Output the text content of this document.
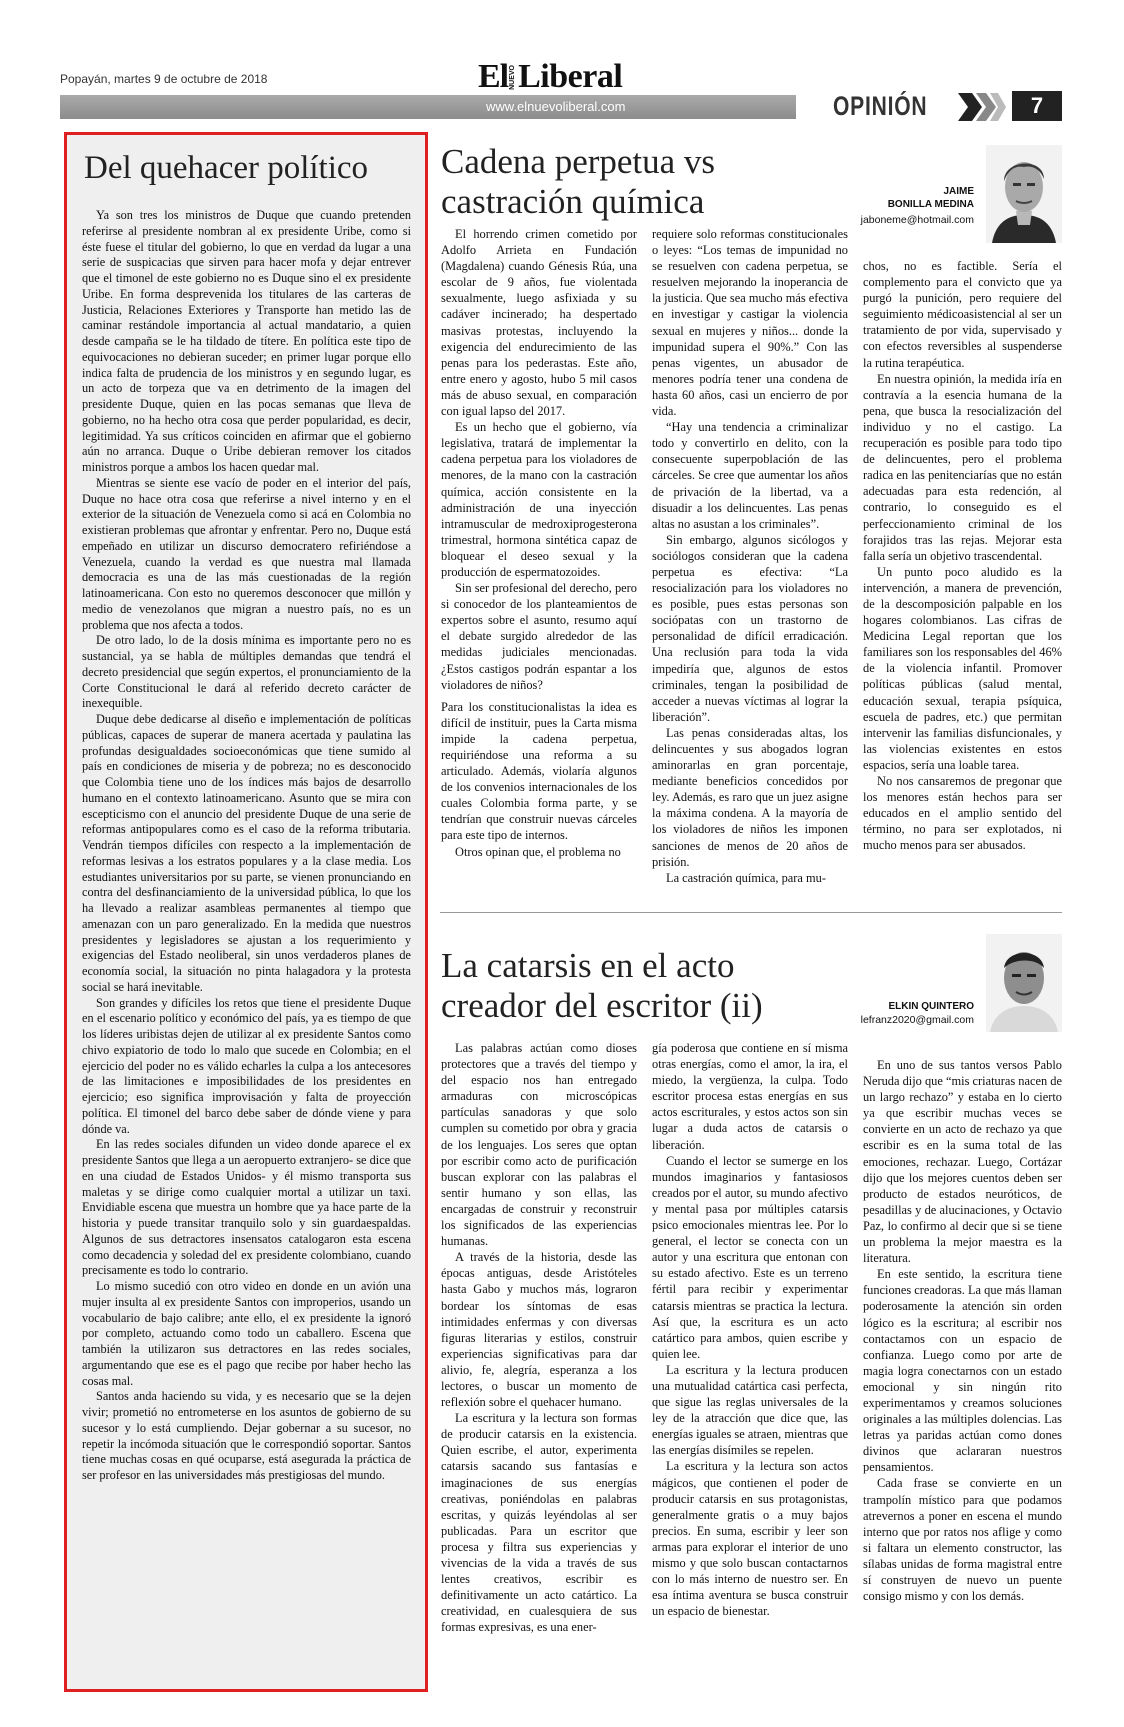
Popayán, martes 9 de octubre de 2018	El NUEVO Liberal
www.elnuevoliberal.com	OPINIÓN	7
Del quehacer político

Ya son tres los ministros de Duque que cuando pretenden referirse al presidente nombran al ex presidente Uribe, como si éste fuese el titular del gobierno, lo que en verdad da lugar a una serie de suspicacias que sirven para hacer mofa y dejar entrever que el timonel de este gobierno no es Duque sino el ex presidente Uribe. En forma desprevenida los titulares de las carteras de Justicia, Relaciones Exteriores y Transporte han metido las de caminar restándole importancia al actual mandatario, a quien desde campaña se le ha tildado de títere. En política este tipo de equivocaciones no debieran suceder; en primer lugar porque ello indica falta de prudencia de los ministros y en segundo lugar, es un acto de torpeza que va en detrimento de la imagen del presidente Duque, quien en las pocas semanas que lleva de gobierno, no ha hecho otra cosa que perder popularidad, es decir, legitimidad. Ya sus críticos coinciden en afirmar que el gobierno aún no arranca. Duque o Uribe debieran remover los citados ministros porque a ambos los hacen quedar mal.

Mientras se siente ese vacío de poder en el interior del país, Duque no hace otra cosa que referirse a nivel interno y en el exterior de la situación de Venezuela como si acá en Colombia no existieran problemas que afrontar y enfrentar. Pero no, Duque está empeñado en utilizar un discurso democratero refiriéndose a Venezuela, cuando la verdad es que nuestra mal llamada democracia es una de las más cuestionadas de la región latinoamericana. Con esto no queremos desconocer que millón y medio de venezolanos que migran a nuestro país, no es un problema que nos afecta a todos.

De otro lado, lo de la dosis mínima es importante pero no es sustancial, ya se habla de múltiples demandas que tendrá el decreto presidencial que según expertos, el pronunciamiento de la Corte Constitucional le dará al referido decreto carácter de inexequible.

Duque debe dedicarse al diseño e implementación de políticas públicas, capaces de superar de manera acertada y paulatina las profundas desigualdades socioeconómicas que tiene sumido al país en condiciones de miseria y de pobreza; no es desconocido que Colombia tiene uno de los índices más bajos de desarrollo humano en el contexto latinoamericano. Asunto que se mira con escepticismo con el anuncio del presidente Duque de una serie de reformas antipopulares como es el caso de la reforma tributaria. Vendrán tiempos difíciles con respecto a la implementación de reformas lesivas a los estratos populares y a la clase media. Los estudiantes universitarios por su parte, se vienen pronunciando en contra del desfinanciamiento de la universidad pública, lo que los ha llevado a realizar asambleas permanentes al tiempo que amenazan con un paro generalizado. En la medida que nuestros presidentes y legisladores se ajustan a los requerimiento y exigencias del Estado neoliberal, sin unos verdaderos planes de economía social, la situación no pinta halagadora y la protesta social se hará inevitable.

Son grandes y difíciles los retos que tiene el presidente Duque en el escenario político y económico del país, ya es tiempo de que los líderes uribistas dejen de utilizar al ex presidente Santos como chivo expiatorio de todo lo malo que sucede en Colombia; en el ejercicio del poder no es válido echarles la culpa a los antecesores de las limitaciones e imposibilidades de los presidentes en ejercicio; eso significa improvisación y falta de proyección política. El timonel del barco debe saber de dónde viene y para dónde va.

En las redes sociales difunden un video donde aparece el ex presidente Santos que llega a un aeropuerto extranjero- se dice que en una ciudad de Estados Unidos- y él mismo transporta sus maletas y se dirige como cualquier mortal a utilizar un taxi. Envidiable escena que muestra un hombre que ya hace parte de la historia y puede transitar tranquilo solo y sin guardaespaldas. Algunos de sus detractores insensatos catalogaron esta escena como decadencia y soledad del ex presidente colombiano, cuando precisamente es todo lo contrario.

Lo mismo sucedió con otro video en donde en un avión una mujer insulta al ex presidente Santos con improperios, usando un vocabulario de bajo calibre; ante ello, el ex presidente la ignoró por completo, actuando como todo un caballero. Escena que también la utilizaron sus detractores en las redes sociales, argumentando que ese es el pago que recibe por haber hecho las cosas mal.

Santos anda haciendo su vida, y es necesario que se la dejen vivir; prometió no entrometerse en los asuntos de gobierno de su sucesor y lo está cumpliendo. Dejar gobernar a su sucesor, no repetir la incómoda situación que le correspondió soportar. Santos tiene muchas cosas en qué ocuparse, está asegurada la práctica de ser profesor en las universidades más prestigiosas del mundo.

Cadena perpetua vs
castración química	JAIME
BONILLA MEDINA
jaboneme@hotmail.com

El horrendo crimen cometido por Adolfo Arrieta en Fundación (Magdalena) cuando Génesis Rúa, una escolar de 9 años, fue violentada sexualmente, luego asfixiada y su cadáver incinerado; ha despertado masivas protestas, incluyendo la exigencia del endurecimiento de las penas para los pederastas. Este año, entre enero y agosto, hubo 5 mil casos más de abuso sexual, en comparación con igual lapso del 2017.

Es un hecho que el gobierno, vía legislativa, tratará de implementar la cadena perpetua para los violadores de menores, de la mano con la castración química, acción consistente en la administración de una inyección intramuscular de medroxiprogesterona trimestral, hormona sintética capaz de bloquear el deseo sexual y la producción de espermatozoides.

Sin ser profesional del derecho, pero si conocedor de los planteamientos de expertos sobre el asunto, resumo aquí el debate surgido alrededor de las medidas judiciales mencionadas. ¿Estos castigos podrán espantar a los violadores de niños?

Para los constitucionalistas la idea es difícil de instituir, pues la Carta misma impide la cadena perpetua, requiriéndose una reforma a su articulado. Además, violaría algunos de los convenios internacionales de los cuales Colombia forma parte, y se tendrían que construir nuevas cárceles para este tipo de internos.

Otros opinan que, el problema no

requiere solo reformas constitucionales o leyes: “Los temas de impunidad no se resuelven con cadena perpetua, se resuelven mejorando la inoperancia de la justicia. Que sea mucho más efectiva en investigar y castigar la violencia sexual en mujeres y niños... donde la impunidad supera el 90%.” Con las penas vigentes, un abusador de menores podría tener una condena de hasta 60 años, casi un encierro de por vida.

“Hay una tendencia a criminalizar todo y convertirlo en delito, con la consecuente superpoblación de las cárceles. Se cree que aumentar los años de privación de la libertad, va a disuadir a los delincuentes. Las penas altas no asustan a los criminales”.

Sin embargo, algunos sicólogos y sociólogos consideran que la cadena perpetua es efectiva: “La resocialización para los violadores no es posible, pues estas personas son sociópatas con un trastorno de personalidad de difícil erradicación. Una reclusión para toda la vida impediría que, algunos de estos criminales, tengan la posibilidad de acceder a nuevas víctimas al lograr la liberación”.

Las penas consideradas altas, los delincuentes y sus abogados logran aminorarlas en gran porcentaje, mediante beneficios concedidos por ley. Además, es raro que un juez asigne la máxima condena. A la mayoría de los violadores de niños les imponen sanciones de menos de 20 años de prisión.

La castración química, para mu-

chos, no es factible. Sería el complemento para el convicto que ya purgó la punición, pero requiere del seguimiento médicoasistencial al ser un tratamiento de por vida, supervisado y con efectos reversibles al suspenderse la rutina terapéutica.

En nuestra opinión, la medida iría en contravía a la esencia humana de la pena, que busca la resocialización del individuo y no el castigo. La recuperación es posible para todo tipo de delincuentes, pero el problema radica en las penitenciarías que no están adecuadas para esta redención, al contrario, lo conseguido es el perfeccionamiento criminal de los forajidos tras las rejas. Mejorar esta falla sería un objetivo trascendental.

Un punto poco aludido es la intervención, a manera de prevención, de la descomposición palpable en los hogares colombianos. Las cifras de Medicina Legal reportan que los familiares son los responsables del 46% de la violencia infantil. Promover políticas públicas (salud mental, educación sexual, terapia psíquica, escuela de padres, etc.) que permitan intervenir las familias disfuncionales, y las violencias existentes en estos espacios, sería una loable tarea.

No nos cansaremos de pregonar que los menores están hechos para ser educados en el amplio sentido del término, no para ser explotados, ni mucho menos para ser abusados.

La catarsis en el acto
creador del escritor (ii)	ELKIN QUINTERO
lefranz2020@gmail.com

Las palabras actúan como dioses protectores que a través del tiempo y del espacio nos han entregado armaduras con microscópicas partículas sanadoras y que solo cumplen su cometido por obra y gracia de los lenguajes. Los seres que optan por escribir como acto de purificación buscan explorar con las palabras el sentir humano y son ellas, las encargadas de construir y reconstruir los significados de las experiencias humanas.

A través de la historia, desde las épocas antiguas, desde Aristóteles hasta Gabo y muchos más, lograron bordear los síntomas de esas intimidades enfermas y con diversas figuras literarias y estilos, construir experiencias significativas para dar alivio, fe, alegría, esperanza a los lectores, o buscar un momento de reflexión sobre el quehacer humano.

La escritura y la lectura son formas de producir catarsis en la existencia. Quien escribe, el autor, experimenta catarsis sacando sus fantasías e imaginaciones de sus energías creativas, poniéndolas en palabras escritas, y quizás leyéndolas al ser publicadas. Para un escritor que procesa y filtra sus experiencias y vivencias de la vida a través de sus lentes creativos, escribir es definitivamente un acto catártico. La creatividad, en cualesquiera de sus formas expresivas, es una ener-

gía poderosa que contiene en sí misma otras energías, como el amor, la ira, el miedo, la vergüenza, la culpa. Todo escritor procesa estas energías en sus actos escriturales, y estos actos son sin lugar a duda actos de catarsis o liberación.

Cuando el lector se sumerge en los mundos imaginarios y fantasiosos creados por el autor, su mundo afectivo y mental pasa por múltiples catarsis psico emocionales mientras lee. Por lo general, el lector se conecta con un autor y una escritura que entonan con su estado afectivo. Este es un terreno fértil para recibir y experimentar catarsis mientras se practica la lectura. Así que, la escritura es un acto catártico para ambos, quien escribe y quien lee.

La escritura y la lectura producen una mutualidad catártica casi perfecta, que sigue las reglas universales de la ley de la atracción que dice que, las energías iguales se atraen, mientras que las energías disímiles se repelen.

La escritura y la lectura son actos mágicos, que contienen el poder de producir catarsis en sus protagonistas, generalmente gratis o a muy bajos precios. En suma, escribir y leer son armas para explorar el interior de uno mismo y que solo buscan contactarnos con lo más interno de nuestro ser. En esa íntima aventura se busca construir un espacio de bienestar.

En uno de sus tantos versos Pablo Neruda dijo que “mis criaturas nacen de un largo rechazo” y estaba en lo cierto ya que escribir muchas veces se convierte en un acto de rechazo ya que escribir es en la suma total de las emociones, rechazar. Luego, Cortázar dijo que los mejores cuentos deben ser producto de estados neuróticos, de pesadillas y de alucinaciones, y Octavio Paz, lo confirmo al decir que si se tiene un problema la mejor maestra es la literatura.

En este sentido, la escritura tiene funciones creadoras. La que más llaman poderosamente la atención sin orden lógico es la escritura; al escribir nos contactamos con un espacio de confianza. Luego como por arte de magia logra conectarnos con un estado emocional y sin ningún rito experimentamos y creamos soluciones originales a las múltiples dolencias. Las letras ya paridas actúan como dones divinos que aclararan nuestros pensamientos.

Cada frase se convierte en un trampolín místico para que podamos atrevernos a poner en escena el mundo interno que por ratos nos aflige y como si faltara un elemento constructor, las sílabas unidas de forma magistral entre sí construyen de nuevo un puente consigo mismo y con los demás.
